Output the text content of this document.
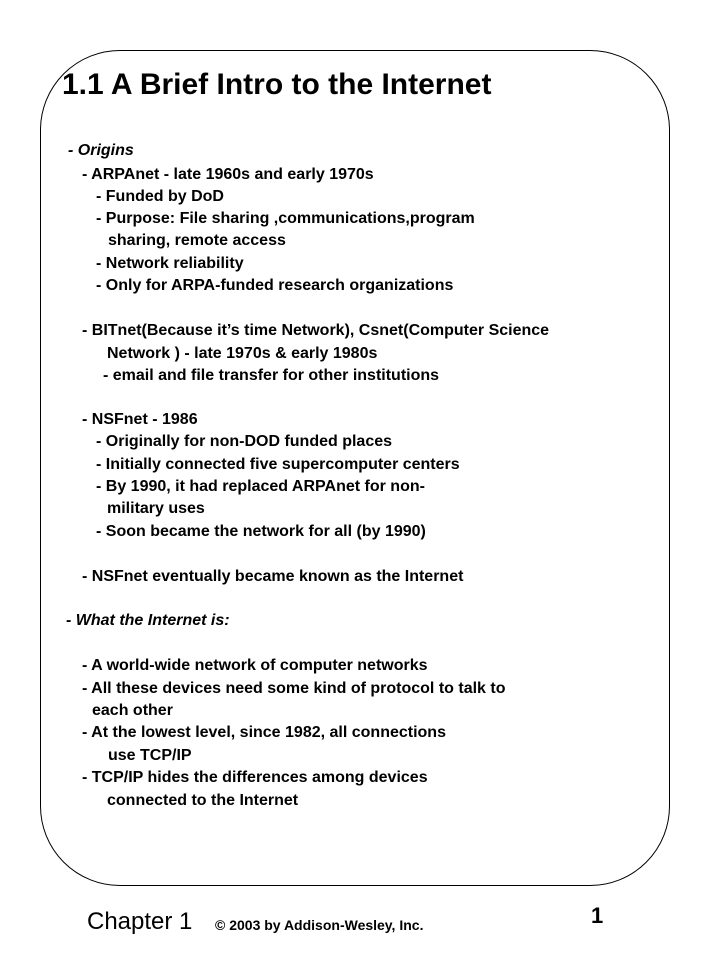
1.1 A Brief Intro to the Internet
- Origins
- ARPAnet - late 1960s and early 1970s
- Funded by DoD
- Purpose: File sharing ,communications,program
sharing, remote access
- Network reliability
- Only for ARPA-funded research organizations
- BITnet(Because it’s time Network), Csnet(Computer Science
Network ) - late 1970s & early 1980s
- email and file transfer for other institutions
- NSFnet - 1986
- Originally for non-DOD funded places
- Initially connected five supercomputer centers
- By 1990, it had replaced ARPAnet for non-
military uses
- Soon became the network for all (by 1990)
- NSFnet eventually became known as the Internet
- What the Internet is:
- A world-wide network of computer networks
- All these devices need some kind of protocol to talk to
each other
- At the lowest level, since 1982, all connections
use TCP/IP
- TCP/IP hides the differences among devices
connected to the Internet
Chapter 1 © 2003 by Addison-Wesley, Inc.	1
